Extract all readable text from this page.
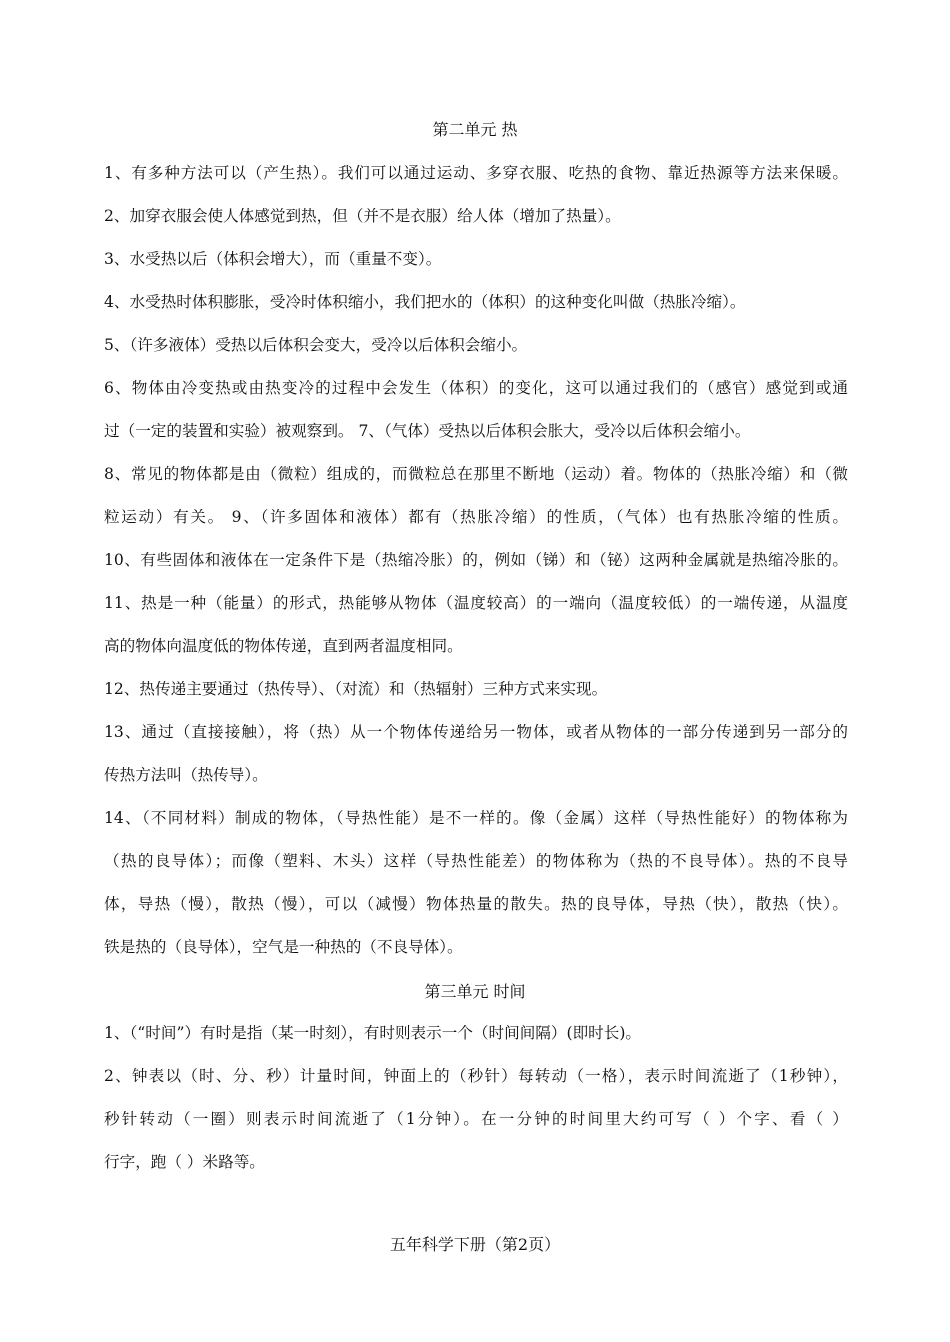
第二单元 热
1、有多种方法可以（产生热）。我们可以通过运动、多穿衣服、吃热的食物、靠近热源等方法来保暖。
2、加穿衣服会使人体感觉到热，但（并不是衣服）给人体（增加了热量）。
3、水受热以后（体积会增大），而（重量不变）。
4、水受热时体积膨胀，受冷时体积缩小，我们把水的（体积）的这种变化叫做（热胀冷缩）。
5、（许多液体）受热以后体积会变大，受冷以后体积会缩小。
6、物体由冷变热或由热变冷的过程中会发生（体积）的变化，这可以通过我们的（感官）感觉到或通
过（一定的装置和实验）被观察到。 7、（气体）受热以后体积会胀大，受冷以后体积会缩小。
8、常见的物体都是由（微粒）组成的，而微粒总在那里不断地（运动）着。物体的（热胀冷缩）和（微
粒运动）有关。 9、（许多固体和液体）都有（热胀冷缩）的性质，（气体）也有热胀冷缩的性质。
10、有些固体和液体在一定条件下是（热缩冷胀）的，例如（锑）和（铋）这两种金属就是热缩冷胀的。
11、热是一种（能量）的形式，热能够从物体（温度较高）的一端向（温度较低）的一端传递，从温度
高的物体向温度低的物体传递，直到两者温度相同。
12、热传递主要通过（热传导）、（对流）和（热辐射）三种方式来实现。
13、通过（直接接触），将（热）从一个物体传递给另一物体，或者从物体的一部分传递到另一部分的
传热方法叫（热传导）。
14、（不同材料）制成的物体，（导热性能）是不一样的。像（金属）这样（导热性能好）的物体称为
（热的良导体）；而像（塑料、木头）这样（导热性能差）的物体称为（热的不良导体）。热的不良导
体，导热（慢），散热（慢），可以（减慢）物体热量的散失。热的良导体，导热（快），散热（快）。
铁是热的（良导体），空气是一种热的（不良导体）。
第三单元 时间
1、（“时间”）有时是指（某一时刻），有时则表示一个（时间间隔）(即时长)。
2、钟表以（时、分、秒）计量时间，钟面上的（秒针）每转动（一格），表示时间流逝了（1秒钟），
秒针转动（一圈）则表示时间流逝了（1分钟）。在一分钟的时间里大约可写（ ）个字、看（ ）
行字，跑（ ）米路等。
五年科学下册（第2页）
